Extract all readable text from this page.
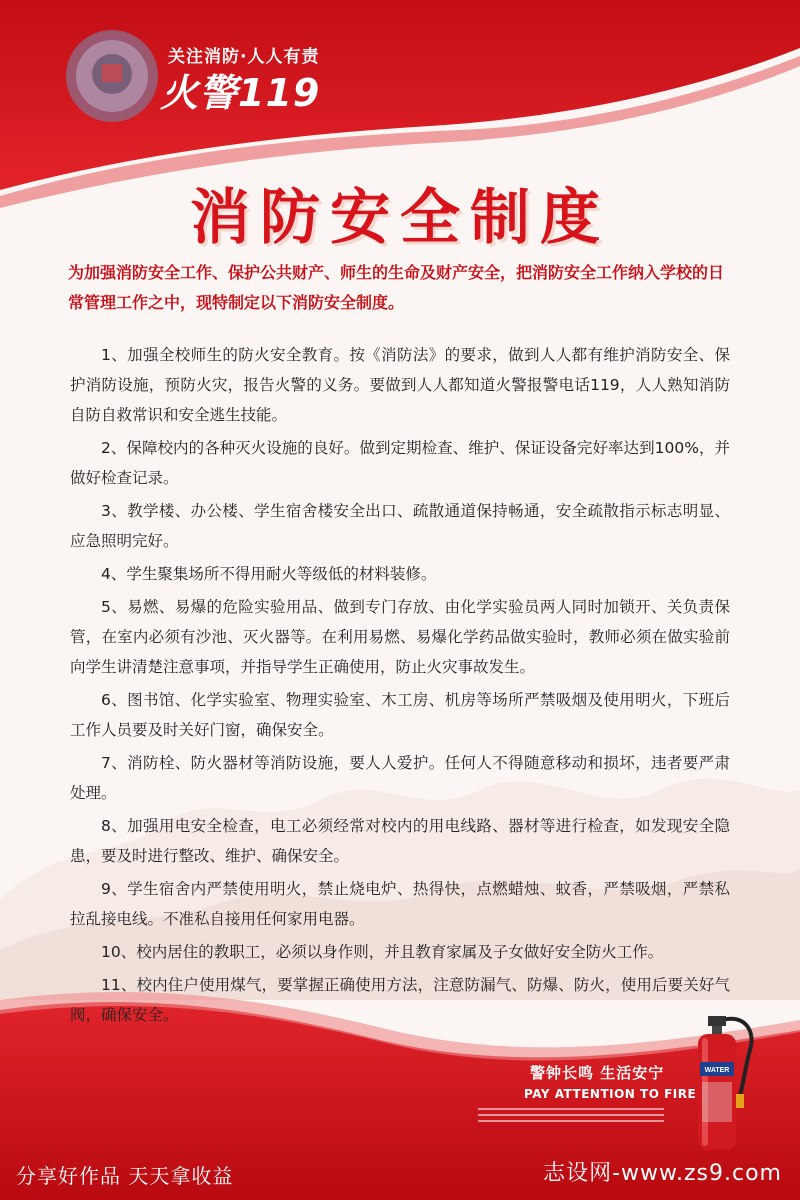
关注消防·人人有责
火警119
消防安全制度

为加强消防安全工作、保护公共财产、师生的生命及财产安全，把消防安全工作纳入学校的日常管理工作之中，现特制定以下消防安全制度。

1、加强全校师生的防火安全教育。按《消防法》的要求，做到人人都有维护消防安全、保护消防设施，预防火灾，报告火警的义务。要做到人人都知道火警报警电话119，人人熟知消防自防自救常识和安全逃生技能。

2、保障校内的各种灭火设施的良好。做到定期检查、维护、保证设备完好率达到100%，并做好检查记录。

3、教学楼、办公楼、学生宿舍楼安全出口、疏散通道保持畅通，安全疏散指示标志明显、应急照明完好。

4、学生聚集场所不得用耐火等级低的材料装修。

5、易燃、易爆的危险实验用品、做到专门存放、由化学实验员两人同时加锁开、关负责保管，在室内必须有沙池、灭火器等。在利用易燃、易爆化学药品做实验时，教师必须在做实验前向学生讲清楚注意事项，并指导学生正确使用，防止火灾事故发生。

6、图书馆、化学实验室、物理实验室、木工房、机房等场所严禁吸烟及使用明火，下班后工作人员要及时关好门窗，确保安全。

7、消防栓、防火器材等消防设施，要人人爱护。任何人不得随意移动和损坏，违者要严肃处理。

8、加强用电安全检查，电工必须经常对校内的用电线路、器材等进行检查，如发现安全隐患，要及时进行整改、维护、确保安全。

9、学生宿舍内严禁使用明火，禁止烧电炉、热得快，点燃蜡烛、蚊香，严禁吸烟，严禁私拉乱接电线。不准私自接用任何家用电器。

10、校内居住的教职工，必须以身作则，并且教育家属及子女做好安全防火工作。

11、校内住户使用煤气，要掌握正确使用方法，注意防漏气、防爆、防火，使用后要关好气阀，确保安全。

WATER
警钟长鸣 生活安宁
PAY ATTENTION TO FIRE
分享好作品 天天拿收益	志设网-www.zs9.com
